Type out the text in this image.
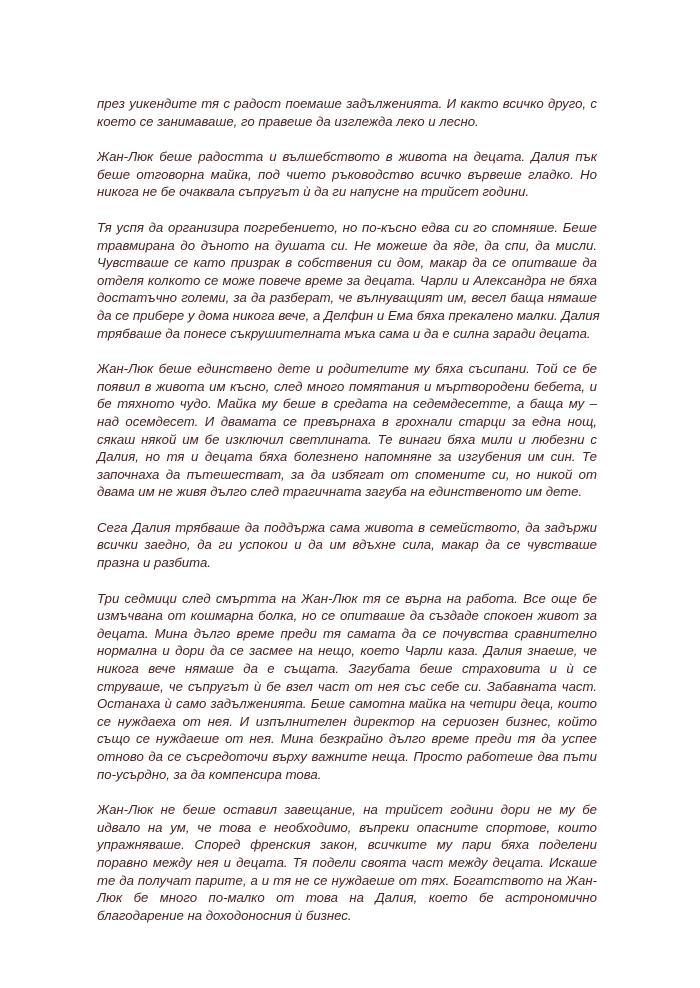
през уикендите тя с радост поемаше задълженията. И както всичко друго, с
което се занимаваше, го правеше да изглежда леко и лесно.
Жан-Люк беше радостта и вълшебството в живота на децата. Далия пък
беше отговорна майка, под чието ръководство всичко вървеше гладко. Но
никога не бе очаквала съпругът ѝ да ги напусне на трийсет години.
Тя успя да организира погребението, но по-късно едва си го спомняше. Беше
травмирана до дъното на душата си. Не можеше да яде, да спи, да мисли.
Чувстваше се като призрак в собствения си дом, макар да се опитваше да
отделя колкото се може повече време за децата. Чарли и Александра не бяха
достатъчно големи, за да разберат, че вълнуващият им, весел баща нямаше
да се прибере у дома никога вече, а Делфин и Ема бяха прекалено малки. Далия
трябваше да понесе съкрушителната мъка сама и да е силна заради децата.
Жан-Люк беше единствено дете и родителите му бяха съсипани. Той се бе
появил в живота им късно, след много помятания и мъртвородени бебета, и
бе тяхното чудо. Майка му беше в средата на седемдесетте, а баща му –
над осемдесет. И двамата се превърнаха в грохнали старци за една нощ,
сякаш някой им бе изключил светлината. Те винаги бяха мили и любезни с
Далия, но тя и децата бяха болезнено напомняне за изгубения им син. Те
започнаха да пътешестват, за да избягат от спомените си, но никой от
двама им не живя дълго след трагичната загуба на единственото им дете.
Сега Далия трябваше да поддържа сама живота в семейството, да задържи
всички заедно, да ги успокои и да им вдъхне сила, макар да се чувстваше
празна и разбита.
Три седмици след смъртта на Жан-Люк тя се върна на работа. Все още бе
измъчвана от кошмарна болка, но се опитваше да създаде спокоен живот за
децата. Мина дълго време преди тя самата да се почувства сравнително
нормална и дори да се засмее на нещо, което Чарли каза. Далия знаеше, че
никога вече нямаше да е същата. Загубата беше страховита и ѝ се
струваше, че съпругът ѝ бе взел част от нея със себе си. Забавната част.
Останаха ѝ само задълженията. Беше самотна майка на четири деца, които
се нуждаеха от нея. И изпълнителен директор на сериозен бизнес, който
също се нуждаеше от нея. Мина безкрайно дълго време преди тя да успее
отново да се съсредоточи върху важните неща. Просто работеше два пъти
по-усърдно, за да компенсира това.
Жан-Люк не беше оставил завещание, на трийсет години дори не му бе
идвало на ум, че това е необходимо, въпреки опасните спортове, които
упражняваше. Според френския закон, всичките му пари бяха поделени
поравно между нея и децата. Тя подели своята част между децата. Искаше
те да получат парите, а и тя не се нуждаеше от тях. Богатството на Жан-
Люк бе много по-малко от това на Далия, което бе астрономично
благодарение на доходоносния ѝ бизнес.
